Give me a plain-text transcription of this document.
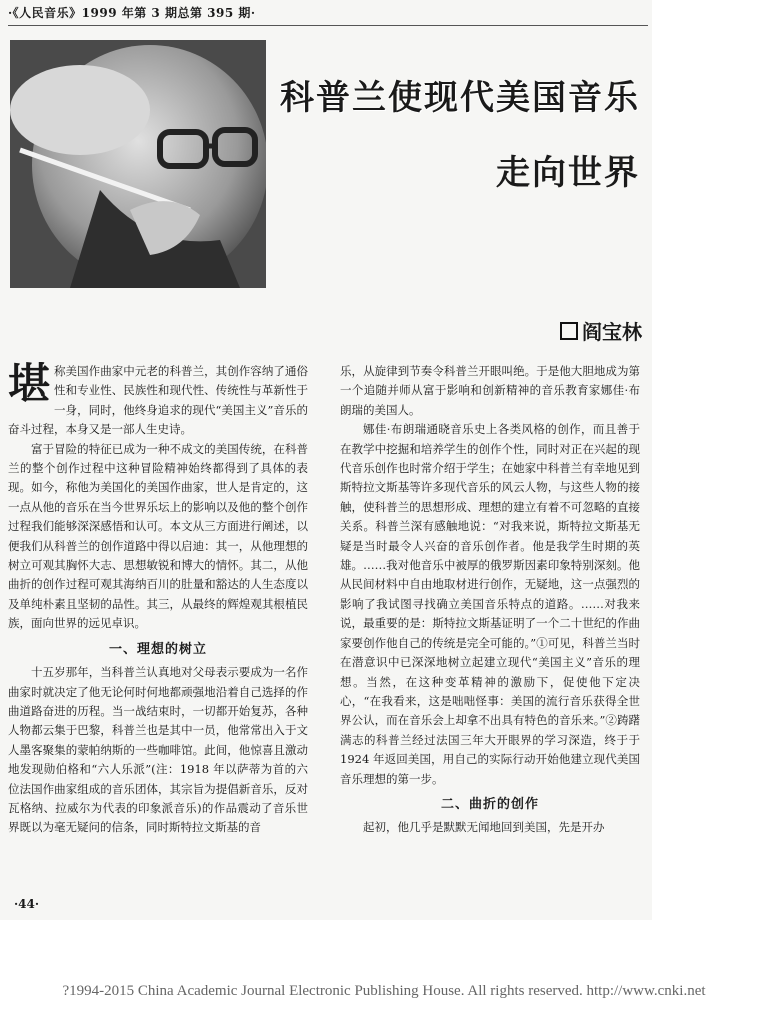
·《人民音乐》1999 年第 3 期总第 395 期·
科普兰使现代美国音乐
走向世界
阎宝林

堪称美国作曲家中元老的科普兰，其创作容纳了通俗性和专业性、民族性和现代性、传统性与革新性于一身，同时，他终身追求的现代“美国主义”音乐的奋斗过程，本身又是一部人生史诗。

富于冒险的特征已成为一种不成文的美国传统，在科普兰的整个创作过程中这种冒险精神始终都得到了具体的表现。如今，称他为美国化的美国作曲家，世人是肯定的，这一点从他的音乐在当今世界乐坛上的影响以及他的整个创作过程我们能够深深感悟和认可。本文从三方面进行阐述，以便我们从科普兰的创作道路中得以启迪：其一，从他理想的树立可观其胸怀大志、思想敏锐和博大的情怀。其二，从他曲折的创作过程可观其海纳百川的肚量和豁达的人生态度以及单纯朴素且坚韧的品性。其三，从最终的辉煌观其根植民族，面向世界的远见卓识。

一、理想的树立

十五岁那年，当科普兰认真地对父母表示要成为一名作曲家时就决定了他无论何时何地都顽强地沿着自己选择的作曲道路奋进的历程。当一战结束时，一切都开始复苏，各种人物都云集于巴黎，科普兰也是其中一员，他常常出入于文人墨客聚集的蒙帕纳斯的一些咖啡馆。此间，他惊喜且激动地发现勋伯格和“六人乐派”(注：1918 年以萨蒂为首的六位法国作曲家组成的音乐团体，其宗旨为提倡新音乐，反对瓦格纳、拉威尔为代表的印象派音乐)的作品震动了音乐世界既以为毫无疑问的信条，同时斯特拉文斯基的音

乐，从旋律到节奏令科普兰开眼叫绝。于是他大胆地成为第一个追随并师从富于影响和创新精神的音乐教育家娜佳·布朗瑞的美国人。

娜佳·布朗瑞通晓音乐史上各类风格的创作，而且善于在教学中挖掘和培养学生的创作个性，同时对正在兴起的现代音乐创作也时常介绍于学生；在她家中科普兰有幸地见到斯特拉文斯基等许多现代音乐的风云人物，与这些人物的接触，使科普兰的思想形成、理想的建立有着不可忽略的直接关系。科普兰深有感触地说：“对我来说，斯特拉文斯基无疑是当时最令人兴奋的音乐创作者。他是我学生时期的英雄。……我对他音乐中被厚的俄罗斯因素印象特别深刻。他从民间材料中自由地取材进行创作，无疑地，这一点强烈的影响了我试图寻找确立美国音乐特点的道路。……对我来说，最重要的是：斯特拉文斯基证明了一个二十世纪的作曲家要创作他自己的传统是完全可能的。”①可见，科普兰当时在潜意识中已深深地树立起建立现代“美国主义”音乐的理想。当然，在这种变革精神的激励下，促使他下定决心，“在我看来，这是咄咄怪事：美国的流行音乐获得全世界公认，而在音乐会上却拿不出具有特色的音乐来。”②踌躇满志的科普兰经过法国三年大开眼界的学习深造，终于于 1924 年返回美国，用自己的实际行动开始他建立现代美国音乐理想的第一步。

二、曲折的创作

起初，他几乎是默默无闻地回到美国，先是开办

·44·
?1994-2015 China Academic Journal Electronic Publishing House. All rights reserved. http://www.cnki.net
